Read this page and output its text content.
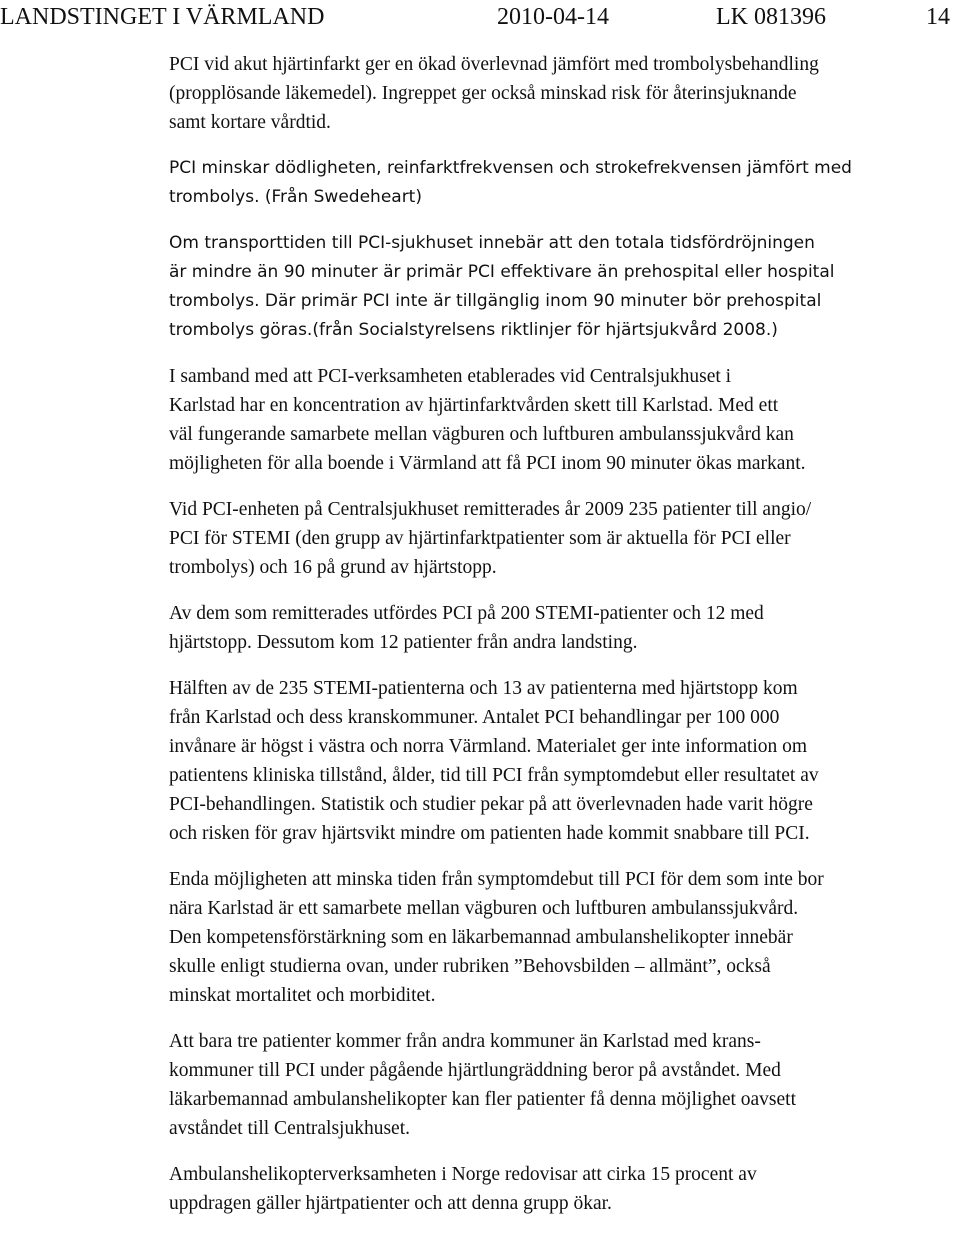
LANDSTINGET I VÄRMLAND	2010-04-14	LK 081396	14

PCI vid akut hjärtinfarkt ger en ökad överlevnad jämfört med trombolysbehandling
(propplösande läkemedel). Ingreppet ger också minskad risk för återinsjuknande
samt kortare vårdtid.

PCI minskar dödligheten, reinfarktfrekvensen och strokefrekvensen jämfört med
trombolys. (Från Swedeheart)

Om transporttiden till PCI-sjukhuset innebär att den totala tidsfördröjningen
är mindre än 90 minuter är primär PCI effektivare än prehospital eller hospital
trombolys. Där primär PCI inte är tillgänglig inom 90 minuter bör prehospital
trombolys göras.(från Socialstyrelsens riktlinjer för hjärtsjukvård 2008.)

I samband med att PCI-verksamheten etablerades vid Centralsjukhuset i
Karlstad har en koncentration av hjärtinfarktvården skett till Karlstad. Med ett
väl fungerande samarbete mellan vägburen och luftburen ambulanssjukvård kan
möjligheten för alla boende i Värmland att få PCI inom 90 minuter ökas markant.

Vid PCI-enheten på Centralsjukhuset remitterades år 2009 235 patienter till angio/
PCI för STEMI (den grupp av hjärtinfarktpatienter som är aktuella för PCI eller
trombolys) och 16 på grund av hjärtstopp.

Av dem som remitterades utfördes PCI på 200 STEMI-patienter och 12 med
hjärtstopp. Dessutom kom 12 patienter från andra landsting.

Hälften av de 235 STEMI-patienterna och 13 av patienterna med hjärtstopp kom
från Karlstad och dess kranskommuner. Antalet PCI behandlingar per 100 000
invånare är högst i västra och norra Värmland. Materialet ger inte information om
patientens kliniska tillstånd, ålder, tid till PCI från symptomdebut eller resultatet av
PCI-behandlingen. Statistik och studier pekar på att överlevnaden hade varit högre
och risken för grav hjärtsvikt mindre om patienten hade kommit snabbare till PCI.

Enda möjligheten att minska tiden från symptomdebut till PCI för dem som inte bor
nära Karlstad är ett samarbete mellan vägburen och luftburen ambulanssjukvård.
Den kompetensförstärkning som en läkarbemannad ambulanshelikopter innebär
skulle enligt studierna ovan, under rubriken ”Behovsbilden – allmänt”, också
minskat mortalitet och morbiditet.

Att bara tre patienter kommer från andra kommuner än Karlstad med krans-
kommuner till PCI under pågående hjärtlungräddning beror på avståndet. Med
läkarbemannad ambulanshelikopter kan fler patienter få denna möjlighet oavsett
avståndet till Centralsjukhuset.

Ambulanshelikopterverksamheten i Norge redovisar att cirka 15 procent av
uppdragen gäller hjärtpatienter och att denna grupp ökar.
